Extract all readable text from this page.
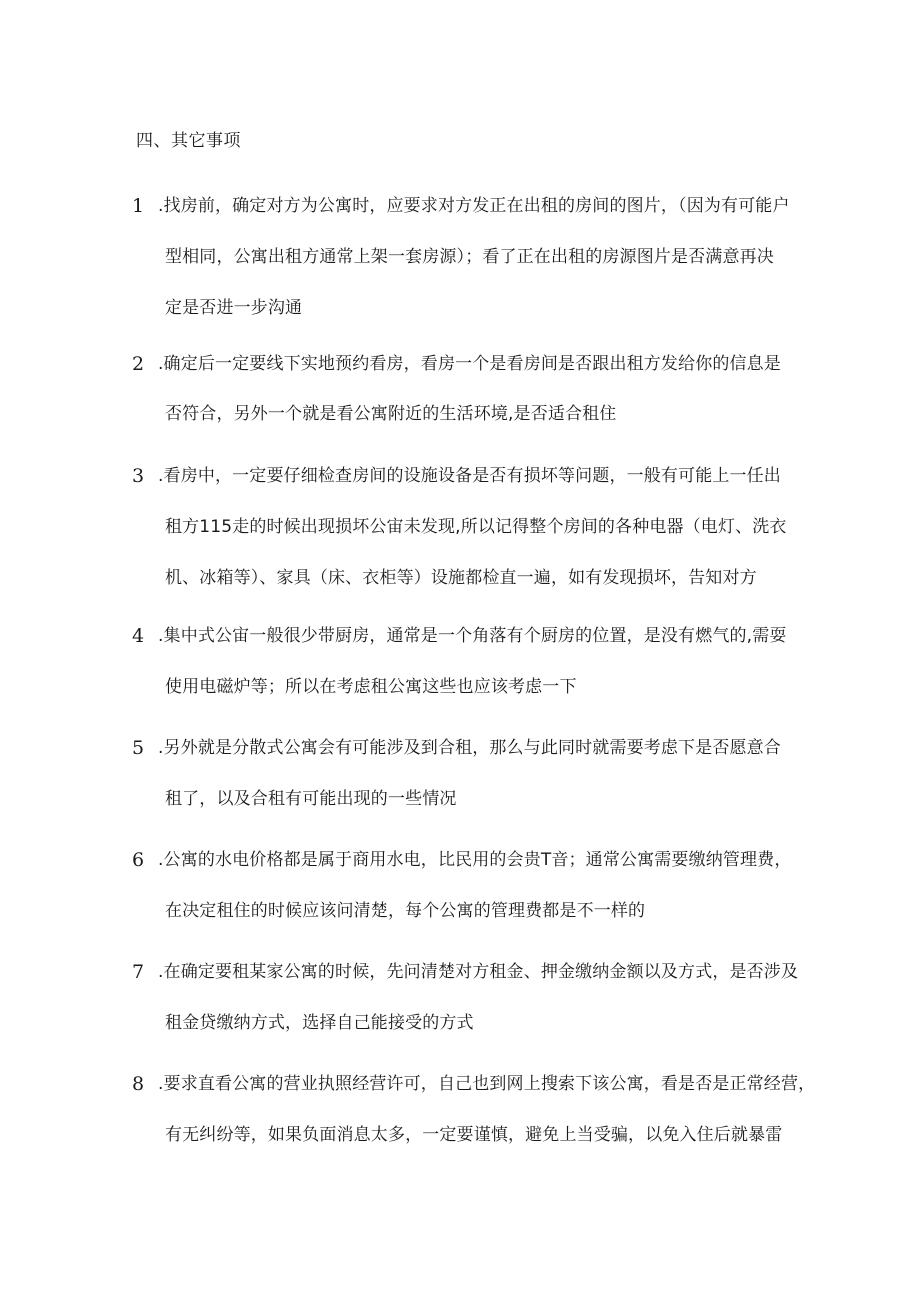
四、其它事项
1 .找房前，确定对方为公寓时，应要求对方发正在出租的房间的图片，（因为有可能户
型相同，公寓出租方通常上架一套房源）；看了正在出租的房源图片是否满意再决
定是否进一步沟通
2 .确定后一定要线下实地预约看房，看房一个是看房间是否跟出租方发给你的信息是
否符合，另外一个就是看公寓附近的生活环境,是否适合租住
3 .看房中，一定要仔细检查房间的设施设备是否有损坏等问题，一般有可能上一任出
租方115走的时候出现损坏公宙未发现,所以记得整个房间的各种电器（电灯、洗衣
机、冰箱等）、家具（床、衣柜等）设施都检直一遍，如有发现损坏，告知对方
4 .集中式公宙一般很少带厨房，通常是一个角落有个厨房的位置，是没有燃气的,需耍
使用电磁炉等；所以在考虑租公寓这些也应该考虑一下
5 .另外就是分散式公寓会有可能涉及到合租，那么与此同时就需要考虑下是否愿意合
租了，以及合租有可能出现的一些情况
6 .公寓的水电价格都是属于商用水电，比民用的会贵T音；通常公寓需要缴纳管理费，
在决定租住的时候应该问清楚，每个公寓的管理费都是不一样的
7 .在确定要租某家公寓的时候，先问清楚对方租金、押金缴纳金额以及方式，是否涉及
租金贷缴纳方式，选择自己能接受的方式
8 .要求直看公寓的营业执照经营许可，自己也到网上搜索下该公寓，看是否是正常经营，
有无纠纷等，如果负面消息太多，一定要谨慎，避免上当受骗，以免入住后就暴雷
